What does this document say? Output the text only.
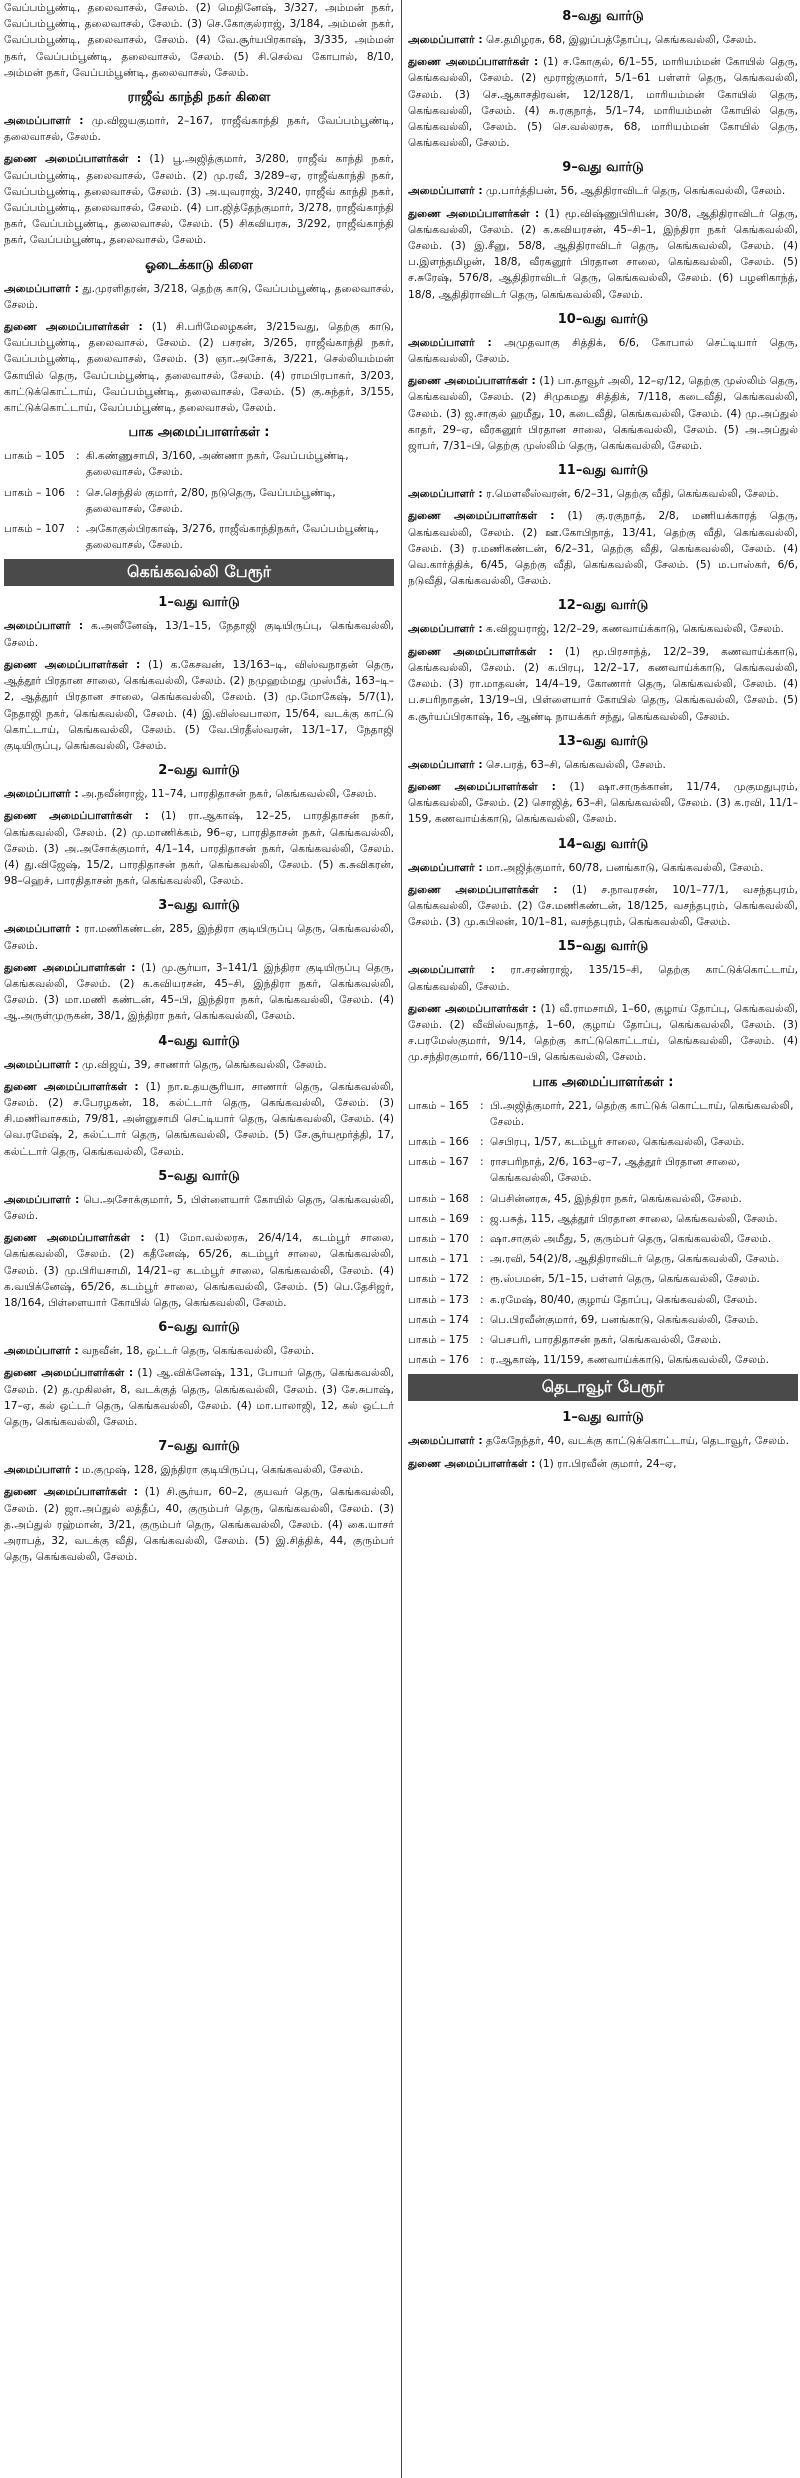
வேப்பம்பூண்டி, தலைவாசல், சேலம். (2) மெதினேஷ், 3/327, அம்மன் நகர், வேப்பம்பூண்டி, தலைவாசல், சேலம். (3) செ.கோகுல்ராஜ், 3/184, அம்மன் நகர், வேப்பம்பூண்டி, தலைவாசல், சேலம். (4) வே.சூர்யபிரகாஷ், 3/335, அம்மன் நகர், வேப்பம்பூண்டி, தலைவாசல், சேலம். (5) சி.செல்வ கோபால், 8/10, அம்மன் நகர், வேப்பம்பூண்டி, தலைவாசல், சேலம்.

ராஜீவ் காந்தி நகர் கிளை

அமைப்பாளர் : மு.விஜயகுமார், 2–167, ராஜீவ்காந்தி நகர், வேப்பம்பூண்டி, தலைவாசல், சேலம்.

துணை அமைப்பாளர்கள் : (1) பூ.அஜித்குமார், 3/280, ராஜீவ் காந்தி நகர், வேப்பம்பூண்டி, தலைவாசல், சேலம். (2) மு.ரவீ, 3/289–ஏ, ராஜீவ்காந்தி நகர், வேப்பம்பூண்டி, தலைவாசல், சேலம். (3) அ.யுவராஜ், 3/240, ராஜீவ் காந்தி நகர், வேப்பம்பூண்டி, தலைவாசல், சேலம். (4) பா.ஜித்தேந்குமார், 3/278, ராஜீவ்காந்தி நகர், வேப்பம்பூண்டி, தலைவாசல், சேலம். (5) சிகவியரசு, 3/292, ராஜீவ்காந்தி நகர், வேப்பம்பூண்டி, தலைவாசல், சேலம்.

ஓடைக்காடு கிளை

அமைப்பாளர் : து.முரளிதரன், 3/218, தெற்கு காடு, வேப்பம்பூண்டி, தலைவாசல், சேலம்.

துணை அமைப்பாளர்கள் : (1) சி.பரிமேலழகன், 3/215வது, தெற்கு காடு, வேப்பம்பூண்டி, தலைவாசல், சேலம். (2) பசரன், 3/265, ராஜீவ்காந்தி நகர், வேப்பம்பூண்டி, தலைவாசல், சேலம். (3) ஞா.அசோக், 3/221, செல்லியம்மன் கோயில் தெரு, வேப்பம்பூண்டி, தலைவாசல், சேலம். (4) ராமபிரபாகர், 3/203, காட்டுக்கொட்டாய், வேப்பம்பூண்டி, தலைவாசல், சேலம். (5) கு.சுந்தர், 3/155, காட்டுக்கொட்டாய், வேப்பம்பூண்டி, தலைவாசல், சேலம்.

பாக அமைப்பாளர்கள் :
பாகம் – 105	: கி.கண்ணுசாமி, 3/160, அண்ணா நகர், வேப்பம்பூண்டி, தலைவாசல், சேலம்.
பாகம் – 106	: செ.செந்தில் குமார், 2/80, நடுதெரு, வேப்பம்பூண்டி, தலைவாசல், சேலம்.
பாகம் – 107	: அகோகுல்பிரகாஷ், 3/276, ராஜீவ்காந்திநகர், வேப்பம்பூண்டி, தலைவாசல், சேலம்.
கெங்கவல்லி பேரூர்
1–வது வார்டு

அமைப்பாளர் : க.அஸீனேஷ், 13/1–15, நேதாஜி குடியிருப்பு, கெங்கவல்லி, சேலம்.

துணை அமைப்பாளர்கள் : (1) க.கேசவன், 13/163–டி, விஸ்வநாதன் தெரு, ஆத்தூர் பிரதான சாலை, கெங்கவல்லி, சேலம். (2) நமுஹம்மது முஸ்பீக், 163–டி–2, ஆத்தூர் பிரதான சாலை, கெங்கவல்லி, சேலம். (3) மு.மோகேஷ், 5/7(1), நேதாஜி நகர், கெங்கவல்லி, சேலம். (4) இ.விஸ்வபாலா, 15/64, வடக்கு காட்டு கொட்டாய், கெங்கவல்லி, சேலம். (5) வே.பிரதீஸ்வரன், 13/1–17, நேதாஜி குடியிருப்பு, கெங்கவல்லி, சேலம்.

2–வது வார்டு

அமைப்பாளர் : அ.நவீன்ராஜ், 11–74, பாரதிதாசன் நகர், கெங்கவல்லி, சேலம்.

துணை அமைப்பாளர்கள் : (1) ரா.ஆகாஷ், 12–25, பாரதிதாசன் நகர், கெங்கவல்லி, சேலம். (2) மு.மாணிக்கம், 96–ஏ, பாரதிதாசன் நகர், கெங்கவல்லி, சேலம். (3) அ.அசோக்குமார், 4/1–14, பாரதிதாசன் நகர், கெங்கவல்லி, சேலம். (4) து.விஜேஷ், 15/2, பாரதிதாசன் நகர், கெங்கவல்லி, சேலம். (5) க.சுவிகரன், 98–ஹெச், பாரதிதாசன் நகர், கெங்கவல்லி, சேலம்.

3–வது வார்டு

அமைப்பாளர் : ரா.மணிகண்டன், 285, இந்திரா குடியிருப்பு தெரு, கெங்கவல்லி, சேலம்.

துணை அமைப்பாளர்கள் : (1) மு.சூர்யா, 3–141/1 இந்திரா குடியிருப்பு தெரு, கெங்கவல்லி, சேலம். (2) க.கவியரசன், 45–சி, இந்திரா நகர், கெங்கவல்லி, சேலம். (3) மா.மணி கண்டன், 45–பி, இந்திரா நகர், கெங்கவல்லி, சேலம். (4) ஆ.அருள்முருகன், 38/1, இந்திரா நகர், கெங்கவல்லி, சேலம்.

4–வது வார்டு

அமைப்பாளர் : மு.விஜய், 39, சாணார் தெரு, கெங்கவல்லி, சேலம்.

துணை அமைப்பாளர்கள் : (1) நா.உதயசூரியா, சாணார் தெரு, கெங்கவல்லி, சேலம். (2) ச.பேரழகன், 18, கல்ட்டார் தெரு, கெங்கவல்லி, சேலம். (3) சி.மணிவாசகம், 79/81, அன்னுசாமி செட்டியார் தெரு, கெங்கவல்லி, சேலம். (4) வெ.ரமேஷ், 2, கல்ட்டார் தெரு, கெங்கவல்லி, சேலம். (5) சே.சூர்யமூர்த்தி, 17, கல்ட்டார் தெரு, கெங்கவல்லி, சேலம்.

5–வது வார்டு

அமைப்பாளர் : பெ.அசோக்குமார், 5, பிள்ளையார் கோயில் தெரு, கெங்கவல்லி, சேலம்.

துணை அமைப்பாளர்கள் : (1) மோ.வல்லரசு, 26/4/14, கடம்பூர் சாலை, கெங்கவல்லி, சேலம். (2) கதீனேஷ், 65/26, கடம்பூர் சாலை, கெங்கவல்லி, சேலம். (3) மு.பிரியசாமி, 14/21–ஏ கடம்பூர் சாலை, கெங்கவல்லி, சேலம். (4) க.வயிக்னேஷ், 65/26, கடம்பூர் சாலை, கெங்கவல்லி, சேலம். (5) பெ.தேசிஜர், 18/164, பிள்ளையார் கோயில் தெரு, கெங்கவல்லி, சேலம்.

6–வது வார்டு

அமைப்பாளர் : வநவீன், 18, ஒட்டர் தெரு, கெங்கவல்லி, சேலம்.

துணை அமைப்பாளர்கள் : (1) ஆ.விக்னேஷ், 131, போயர் தெரு, கெங்கவல்லி, சேலம். (2) த.முகிலன், 8, வடக்குத் தெரு, கெங்கவல்லி, சேலம். (3) சே.சுபாஷ், 17–ஏ, கல் ஒட்டர் தெரு, கெங்கவல்லி, சேலம். (4) மா.பாலாஜி, 12, கல் ஒட்டர் தெரு, கெங்கவல்லி, சேலம்.

7–வது வார்டு

அமைப்பாளர் : ம.குமுஷ், 128, இந்திரா குடியிருப்பு, கெங்கவல்லி, சேலம்.

துணை அமைப்பாளர்கள் : (1) சி.சூர்யா, 60–2, குயவர் தெரு, கெங்கவல்லி, சேலம். (2) ஜா.அப்துல் லத்தீப், 40, குரும்பர் தெரு, கெங்கவல்லி, சேலம். (3) த.அப்துல் ரஹ்மான், 3/21, குரும்பர் தெரு, கெங்கவல்லி, சேலம். (4) கை.யாசர் அராபத், 32, வடக்கு வீதி, கெங்கவல்லி, சேலம். (5) இ.சித்திக், 44, குரும்பர் தெரு, கெங்கவல்லி, சேலம்.

8–வது வார்டு

அமைப்பாளர் : செ.தமிழரசு, 68, இலுப்பத்தோப்பு, கெங்கவல்லி, சேலம்.

துணை அமைப்பாளர்கள் : (1) ச.கோகுல், 6/1–55, மாரியம்மன் கோயில் தெரு, கெங்கவல்லி, சேலம். (2) மூராஜ்குமார், 5/1–61 பள்ளர் தெரு, கெங்கவல்லி, சேலம். (3) செ.ஆகாசதிரவன், 12/128/1, மாரியம்மன் கோயில் தெரு, கெங்கவல்லி, சேலம். (4) சு.ரகுநாத், 5/1–74, மாரியம்மன் கோயில் தெரு, கெங்கவல்லி, சேலம். (5) செ.வல்லரசு, 68, மாரியம்மன் கோயில் தெரு, கெங்கவல்லி, சேலம்.

9–வது வார்டு

அமைப்பாளர் : மு.பார்த்திபன், 56, ஆதிதிராவிடர் தெரு, கெங்கவல்லி, சேலம்.

துணை அமைப்பாளர்கள் : (1) மூ.விஷ்ணுபிரியன், 30/8, ஆதிதிராவிடர் தெரு, கெங்கவல்லி, சேலம். (2) க.கவியரசன், 45–சி–1, இந்திரா நகர் கெங்கவல்லி, சேலம். (3) இ.சீனு, 58/8, ஆதிதிராவிடர் தெரு, கெங்கவல்லி, சேலம். (4) ப.இளந்தமிழன், 18/8, வீரகனூர் பிரதான சாலை, கெங்கவல்லி, சேலம். (5) ச.சுரேஷ், 576/8, ஆதிதிராவிடர் தெரு, கெங்கவல்லி, சேலம். (6) பழனிகாந்த், 18/8, ஆதிதிராவிடர் தெரு, கெங்கவல்லி, சேலம்.

10–வது வார்டு

அமைப்பாளர் : அமுதவாகு சித்திக், 6/6, கோபால் செட்டியார் தெரு, கெங்கவல்லி, சேலம்.

துணை அமைப்பாளர்கள் : (1) பா.தாவூர் அலி, 12–ஏ/12, தெற்கு முஸ்லிம் தெரு, கெங்கவல்லி, சேலம். (2) சிமுகமது சித்திக், 7/118, கடைவீதி, கெங்கவல்லி, சேலம். (3) ஜ.சாகுல் ஹமீது, 10, கடைவீதி, கெங்கவல்லி, சேலம். (4) மு.அப்துல் காதர், 29–ஏ, வீரகனூர் பிரதான சாலை, கெங்கவல்லி, சேலம். (5) அ.அப்துல் ஜாபர், 7/31–பி, தெற்கு முஸ்லிம் தெரு, கெங்கவல்லி, சேலம்.

11–வது வார்டு

அமைப்பாளர் : ர.மௌலீஸ்வரன், 6/2–31, தெற்கு வீதி, கெங்கவல்லி, சேலம்.

துணை அமைப்பாளர்கள் : (1) கு.ரகுநாத், 2/8, மணியக்காரத் தெரு, கெங்கவல்லி, சேலம். (2) ஊ.கோபிநாத், 13/41, தெற்கு வீதி, கெங்கவல்லி, சேலம். (3) ர.மணிகண்டன், 6/2–31, தெற்கு வீதி, கெங்கவல்லி, சேலம். (4) வெ.கார்த்திக், 6/45, தெற்கு வீதி, கெங்கவல்லி, சேலம். (5) ம.பாஸ்கர், 6/6, நடுவீதி, கெங்கவல்லி, சேலம்.

12–வது வார்டு

அமைப்பாளர் : க.விஜயராஜ், 12/2–29, கணவாய்க்காடு, கெங்கவல்லி, சேலம்.

துணை அமைப்பாளர்கள் : (1) மூ.பிரசாந்த், 12/2–39, கணவாய்க்காடு, கெங்கவல்லி, சேலம். (2) க.பிரபு, 12/2–17, கணவாய்க்காடு, கெங்கவல்லி, சேலம். (3) ரா.மாதவன், 14/4–19, கோணார் தெரு, கெங்கவல்லி, சேலம். (4) ப.சபரிநாதன், 13/19–பி, பிள்ளையார் கோயில் தெரு, கெங்கவல்லி, சேலம். (5) க.சூர்யப்பிரகாஷ், 16, ஆண்டி நாயக்கர் சந்து, கெங்கவல்லி, சேலம்.

13–வது வார்டு

அமைப்பாளர் : செ.பரத், 63–சி, கெங்கவல்லி, சேலம்.

துணை அமைப்பாளர்கள் : (1) ஷா.சாருக்கான், 11/74, முகுமதுபுரம், கெங்கவல்லி, சேலம். (2) சொஜித், 63–சி, கெங்கவல்லி, சேலம். (3) க.ரவி, 11/1–159, கணவாய்க்காடு, கெங்கவல்லி, சேலம்.

14–வது வார்டு

அமைப்பாளர் : மா.அஜித்குமார், 60/78, பனங்காடு, கெங்கவல்லி, சேலம்.

துணை அமைப்பாளர்கள் : (1) ச.நாவரசன், 10/1–77/1, வசந்தபுரம், கெங்கவல்லி, சேலம். (2) சே.மணிகண்டன், 18/125, வசந்தபுரம், கெங்கவல்லி, சேலம். (3) மு.கபிலன், 10/1–81, வசந்தபுரம், கெங்கவல்லி, சேலம்.

15–வது வார்டு

அமைப்பாளர் : ரா.சரண்ராஜ், 135/15–சி, தெற்கு காட்டுக்கொட்டாய், கெங்கவல்லி, சேலம்.

துணை அமைப்பாளர்கள் : (1) வீ.ராமசாமி, 1–60, குழாய் தோப்பு, கெங்கவல்லி, சேலம். (2) வீவிஸ்வநாத், 1–60, குழாய் தோப்பு, கெங்கவல்லி, சேலம். (3) ச.பரமேஸ்குமார், 9/14, தெற்கு காட்டுகொட்டாய், கெங்கவல்லி, சேலம். (4) மு.சந்திரகுமார், 66/110–பி, கெங்கவல்லி, சேலம்.

பாக அமைப்பாளர்கள் :
பாகம் – 165	: பி.அஜித்குமார், 221, தெற்கு காட்டுக் கொட்டாய், கெங்கவல்லி, சேலம்.
பாகம் – 166	: செபிரபு, 1/57, கடம்பூர் சாலை, கெங்கவல்லி, சேலம்.
பாகம் – 167	: ராசபரிநாத், 2/6, 163–ஏ–7, ஆத்தூர் பிரதான சாலை, கெங்கவல்லி, சேலம்.
பாகம் – 168	: பெசின்னரசு, 45, இந்திரா நகர், கெங்கவல்லி, சேலம்.
பாகம் – 169	: ஜ.பசுத், 115, ஆத்தூர் பிரதான சாலை, கெங்கவல்லி, சேலம்.
பாகம் – 170	: ஷா.சாகுல் அமீது, 5, குரும்பர் தெரு, கெங்கவல்லி, சேலம்.
பாகம் – 171	: அ.ரவி, 54(2)/8, ஆதிதிராவிடர் தெரு, கெங்கவல்லி, சேலம்.
பாகம் – 172	: ரூ.ஸ்பமன், 5/1–15, பள்ளர் தெரு, கெங்கவல்லி, சேலம்.
பாகம் – 173	: க.ரமேஷ், 80/40, குழாய் தோப்பு, கெங்கவல்லி, சேலம்.
பாகம் – 174	: பெ.பிரவீன்குமார், 69, பனங்காடு, கெங்கவல்லி, சேலம்.
பாகம் – 175	: பெசபரி, பாரதிதாசன் நகர், கெங்கவல்லி, சேலம்.
பாகம் – 176	: ர.ஆகாஷ், 11/159, கணவாய்க்காடு, கெங்கவல்லி, சேலம்.
தெடாவூர் பேரூர்
1–வது வார்டு

அமைப்பாளர் : தகேநேந்தர், 40, வடக்கு காட்டுக்கொட்டாய், தெடாவூர், சேலம்.

துணை அமைப்பாளர்கள் : (1) ரா.பிரவீன் குமார், 24–ஏ,
